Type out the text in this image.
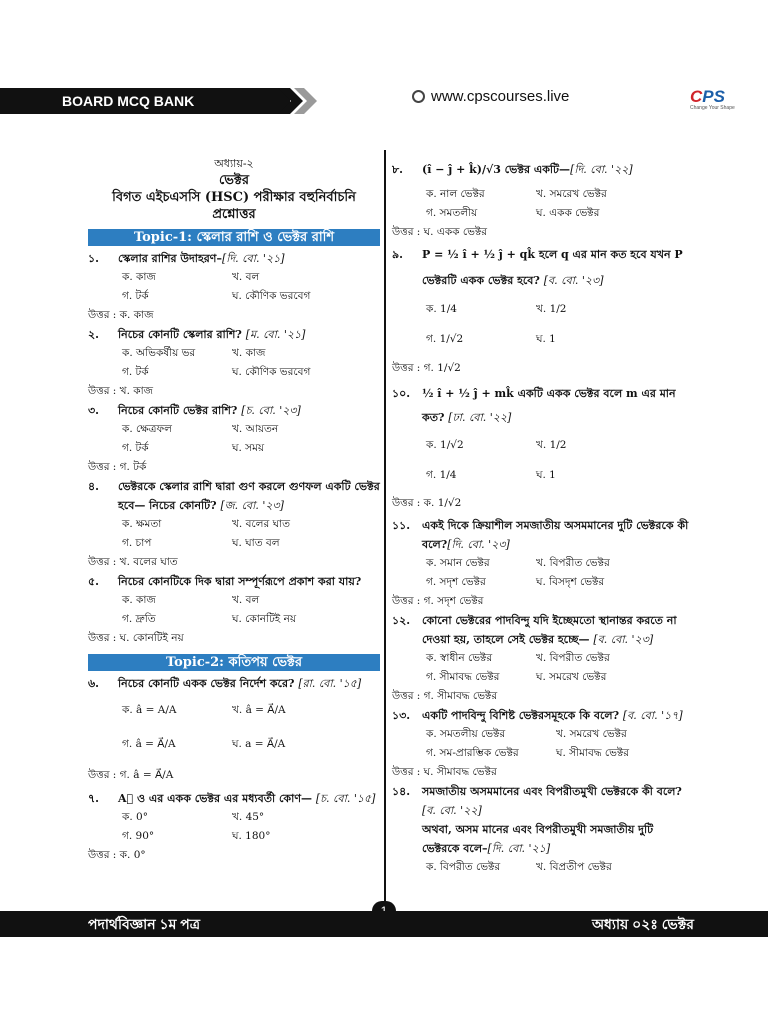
BOARD MCQ BANK	www.cpscourses.live	CPS
Change Your Shape
অধ্যায়-২
ভেক্টর
বিগত এইচএসসি (HSC) পরীক্ষার বহুনির্বাচনি
প্রশ্নোত্তর
Topic-1: স্কেলার রাশি ও ভেক্টর রাশি
১.	স্কেলার রাশির উদাহরণ–[দি. বো. '২১]
ক. কাজ	খ. বল
গ. টর্ক	ঘ. কৌণিক ভরবেগ
উত্তর : ক. কাজ
২.	নিচের কোনটি স্কেলার রাশি? [ম. বো. '২১]
ক. অভিকর্ষীয় ভর	খ. কাজ
গ. টর্ক	ঘ. কৌণিক ভরবেগ
উত্তর : খ. কাজ
৩.	নিচের কোনটি ভেক্টর রাশি? [চ. বো. '২৩]
ক. ক্ষেত্রফল	খ. আয়তন
গ. টর্ক	ঘ. সময়
উত্তর : গ. টর্ক
৪.	ভেক্টরকে স্কেলার রাশি দ্বারা গুণ করলে গুণফল একটি ভেক্টর হবে— নিচের কোনটি? [জ. বো. '২৩]
ক. ক্ষমতা	খ. বলের ঘাত
গ. চাপ	ঘ. ঘাত বল
উত্তর : খ. বলের ঘাত
৫.	নিচের কোনটিকে দিক দ্বারা সম্পূর্ণরূপে প্রকাশ করা যায়?
ক. কাজ	খ. বল
গ. দ্রুতি	ঘ. কোনটিই নয়
উত্তর : ঘ. কোনটিই নয়
Topic-2: কতিপয় ভেক্টর
৬.	নিচের কোনটি একক ভেক্টর নির্দেশ করে? [রা. বো. '১৫]
ক. â = A/A	খ. â = A⃗/A
গ. â = A⃗/A	ঘ. a = A⃗/A
উত্তর : গ. â = A⃗/A
৭.	A⃗ ও এর একক ভেক্টর এর মধ্যবর্তী কোণ— [চ. বো. '১৫]
ক. 0°	খ. 45°
গ. 90°	ঘ. 180°
উত্তর : ক. 0°
৮.	(î − ĵ + k̂)/√3 ভেক্টর একটি—[দি. বো. '২২]
ক. নাল ভেক্টর	খ. সমরেখ ভেক্টর
গ. সমতলীয়	ঘ. একক ভেক্টর
উত্তর : ঘ. একক ভেক্টর
৯.	P = ½ î + ½ ĵ + qk̂ হলে q এর মান কত হবে যখন P ভেক্টরটি একক ভেক্টর হবে? [ব. বো. '২৩]
ক. 1/4	খ. 1/2
গ. 1/√2	ঘ. 1
উত্তর : গ. 1/√2
১০.	½ î + ½ ĵ + mk̂ একটি একক ভেক্টর বলে m এর মান কত? [ঢা. বো. '২২]
ক. 1/√2	খ. 1/2
গ. 1/4	ঘ. 1
উত্তর : ক. 1/√2
১১.	একই দিকে ক্রিয়াশীল সমজাতীয় অসমমানের দুটি ভেক্টরকে কী বলে?[দি. বো. '২৩]
ক. সমান ভেক্টর	খ. বিপরীত ভেক্টর
গ. সদৃশ ভেক্টর	ঘ. বিসদৃশ ভেক্টর
উত্তর : গ. সদৃশ ভেক্টর
১২.	কোনো ভেক্টরের পাদবিন্দু যদি ইচ্ছেমতো স্থানান্তর করতে না দেওয়া হয়, তাহলে সেই ভেক্টর হচ্ছে— [ব. বো. '২৩]
ক. স্বাধীন ভেক্টর	খ. বিপরীত ভেক্টর
গ. সীমাবদ্ধ ভেক্টর	ঘ. সমরেখ ভেক্টর
উত্তর : গ. সীমাবদ্ধ ভেক্টর
১৩.	একটি পাদবিন্দু বিশিষ্ট ভেক্টরসমূহকে কি বলে? [ব. বো. '১৭]
ক. সমতলীয় ভেক্টর	খ. সমরেখ ভেক্টর
গ. সম-প্রারম্ভিক ভেক্টর	ঘ. সীমাবদ্ধ ভেক্টর
উত্তর : ঘ. সীমাবদ্ধ ভেক্টর
১৪.	সমজাতীয় অসমমানের এবং বিপরীতমুখী ভেক্টরকে কী বলে? [ব. বো. '২২]
অথবা, অসম মানের এবং বিপরীতমুখী সমজাতীয় দুটি ভেক্টরকে বলে–[দি. বো. '২১]
ক. বিপরীত ভেক্টর	খ. বিপ্রতীপ ভেক্টর
পদার্থবিজ্ঞান ১ম পত্র	অধ্যায় ০২ঃ ভেক্টর
